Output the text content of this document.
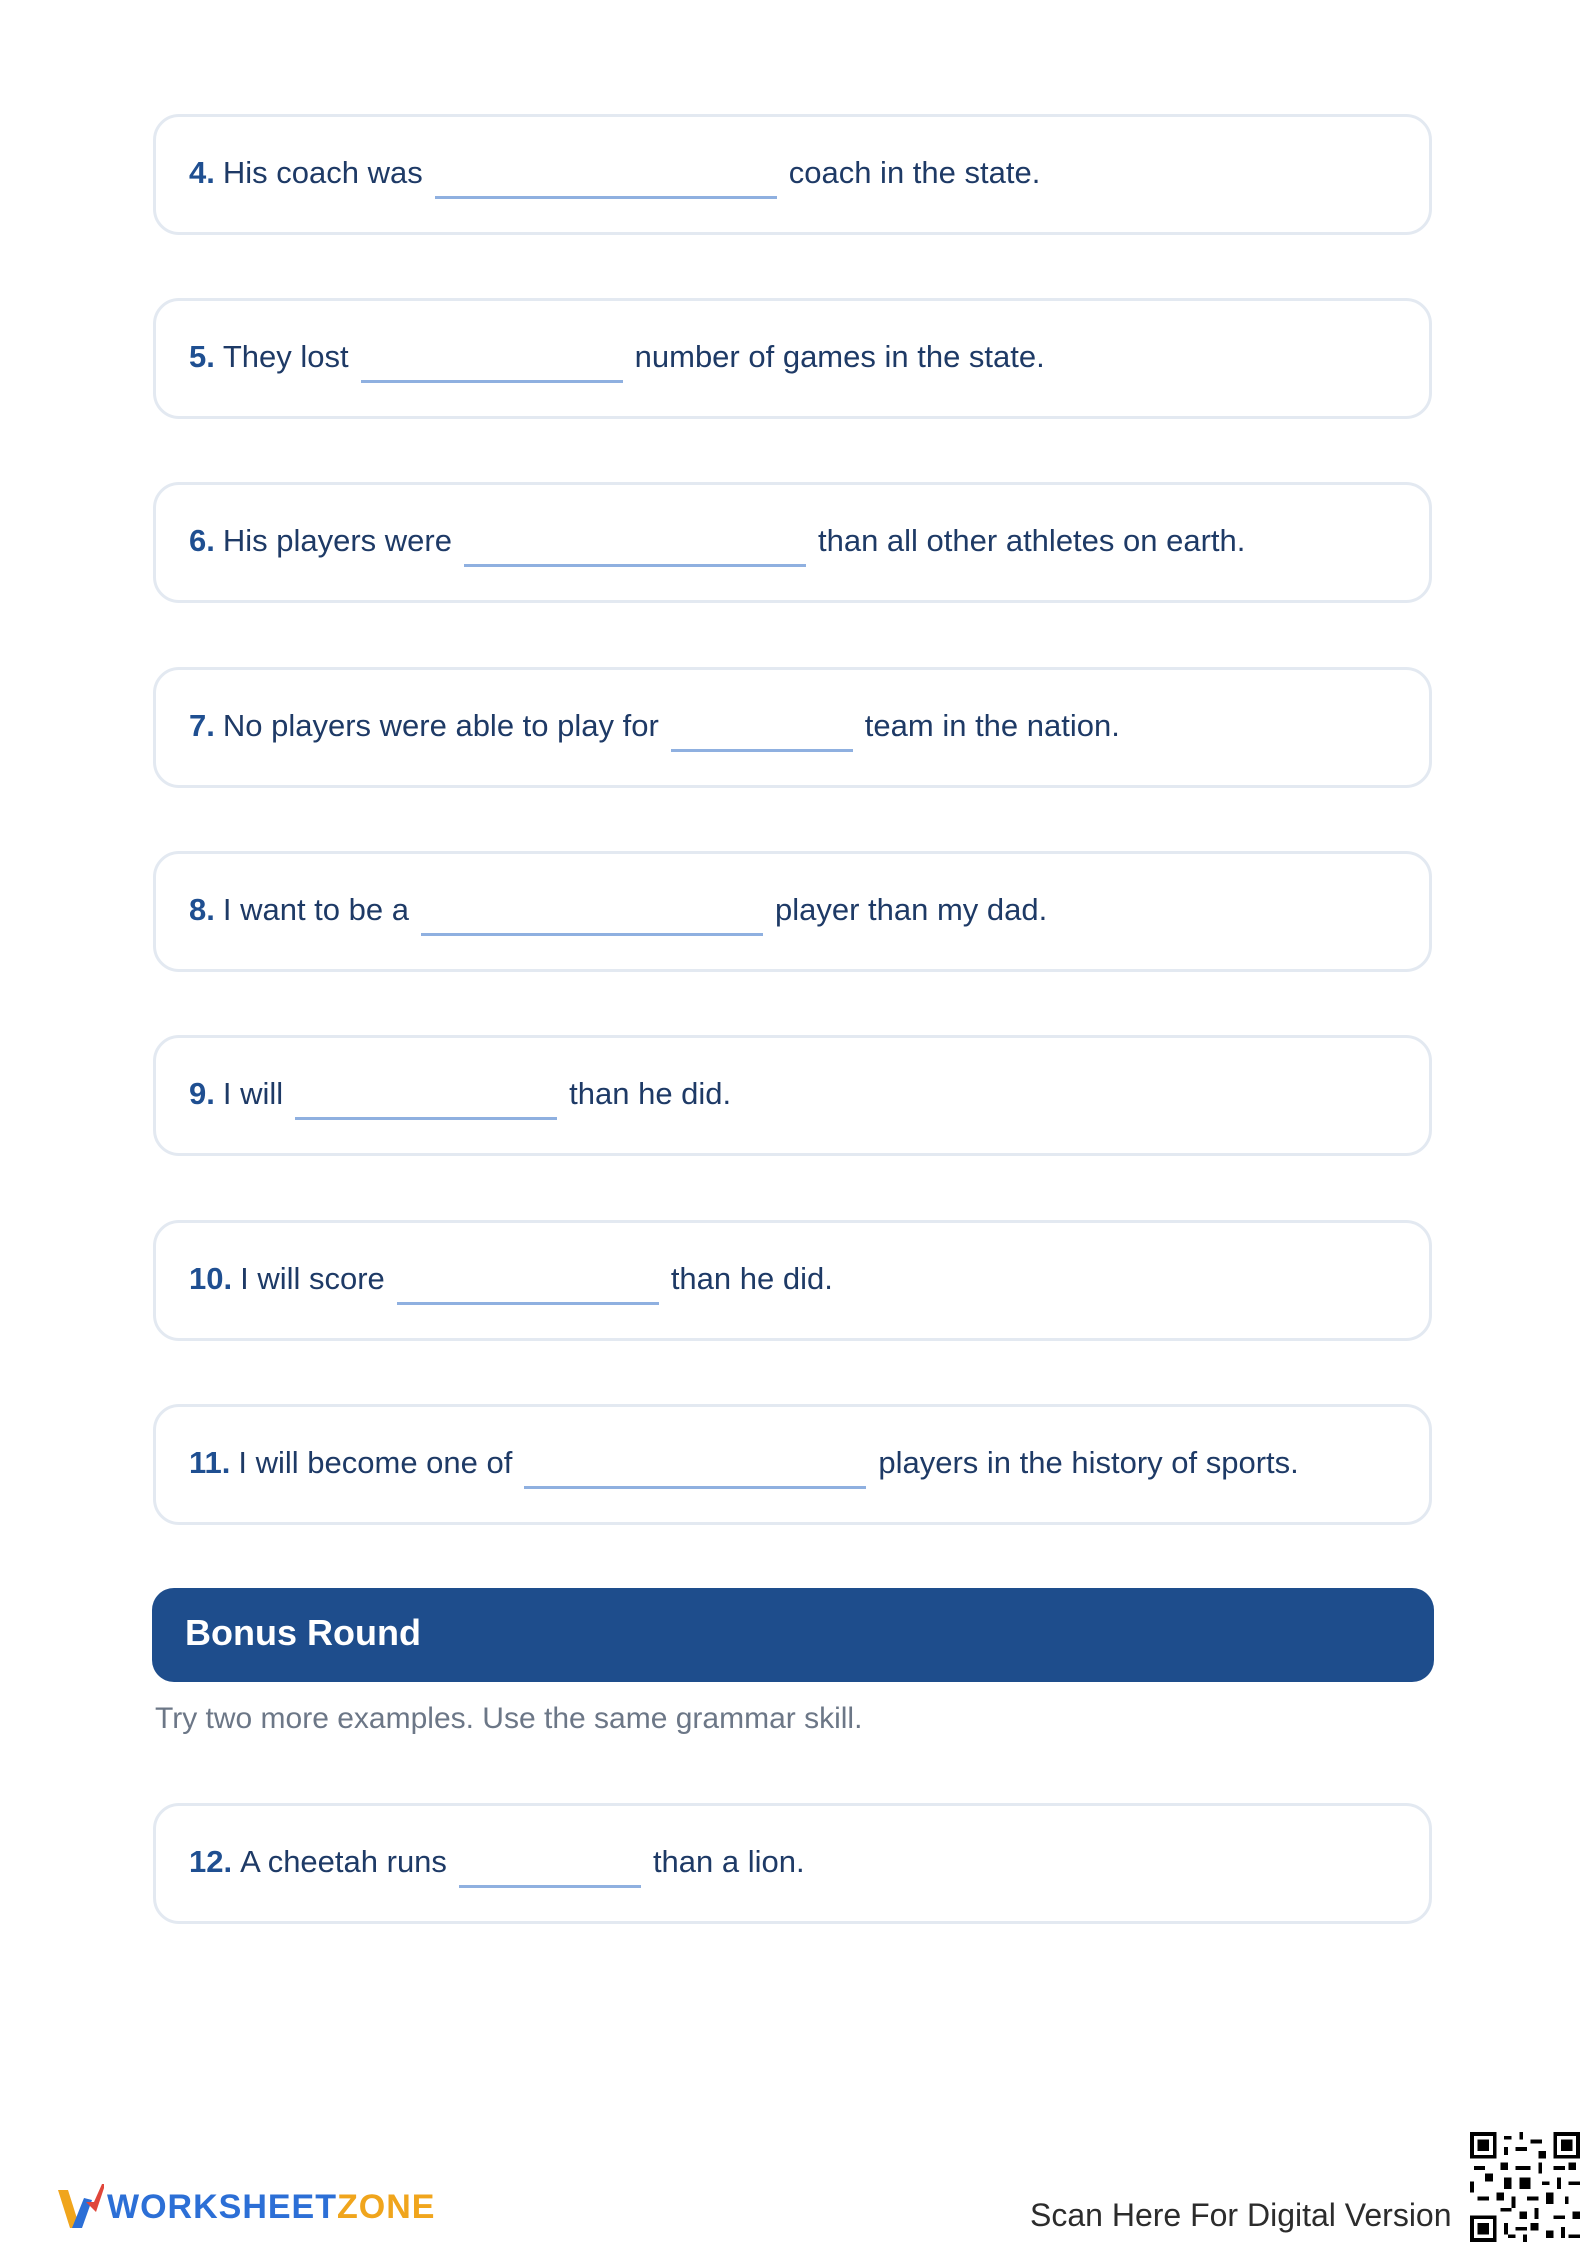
4. His coach was	coach in the state.
5. They lost	number of games in the state.
6. His players were	than all other athletes on earth.
7. No players were able to play for	team in the nation.
8. I want to be a	player than my dad.
9. I will	than he did.
10. I will score	than he did.
11. I will become one of	players in the history of sports.
Bonus Round
Try two more examples. Use the same grammar skill.
12. A cheetah runs	than a lion.
WORKSHEETZONE	Scan Here For Digital Version
